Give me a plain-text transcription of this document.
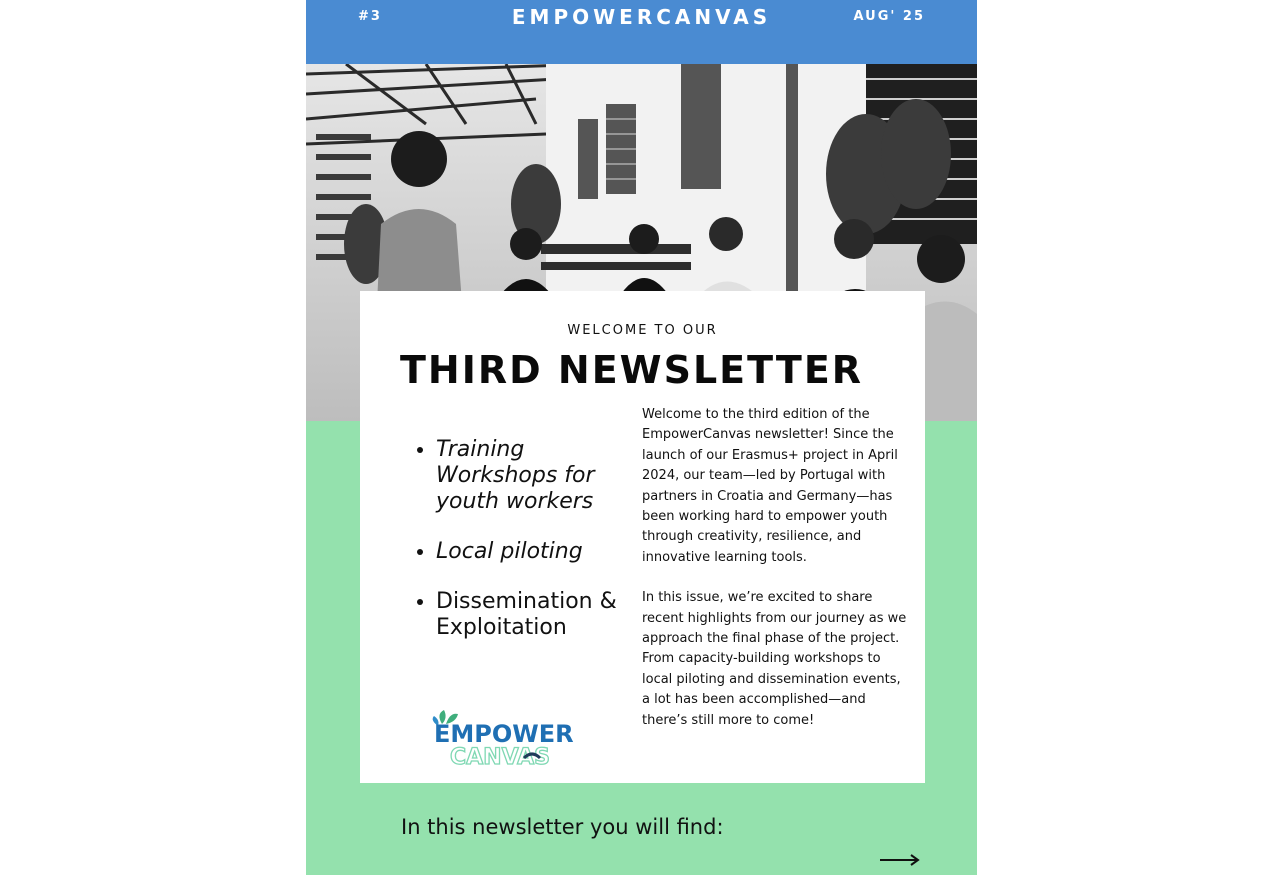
#3	EMPOWERCANVAS	AUG' 25
WELCOME TO OUR
THIRD NEWSLETTER
• Training Workshops for youth workers
• Local piloting
• Dissemination & Exploitation

Welcome to the third edition of the EmpowerCanvas newsletter! Since the launch of our Erasmus+ project in April 2024, our team—led by Portugal with partners in Croatia and Germany—has been working hard to empower youth through creativity, resilience, and innovative learning tools.

In this issue, we’re excited to share recent highlights from our journey as we approach the final phase of the project. From capacity-building workshops to local piloting and dissemination events, a lot has been accomplished—and there’s still more to come!

EMPOWER
CANVAS
In this newsletter you will find:
